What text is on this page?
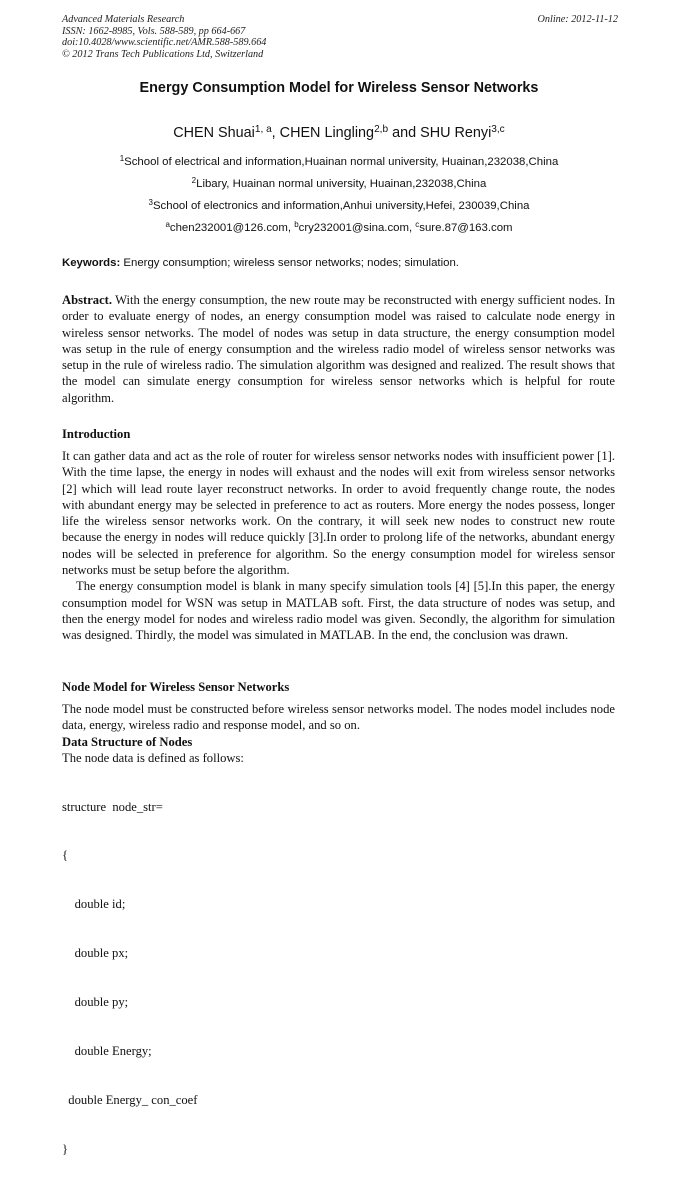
Advanced Materials Research
ISSN: 1662-8985, Vols. 588-589, pp 664-667
doi:10.4028/www.scientific.net/AMR.588-589.664
© 2012 Trans Tech Publications Ltd, Switzerland
Online: 2012-11-12
Energy Consumption Model for Wireless Sensor Networks
CHEN Shuai$^{1, a}$, CHEN Lingling$^{2,b}$ and SHU Renyi$^{3,c}$
$^1$School of electrical and information,Huainan normal university, Huainan,232038,China
$^2$Libary, Huainan normal university, Huainan,232038,China
$^3$School of electronics and information,Anhui university,Hefei, 230039,China
$^a$chen232001@126.com, $^b$cry232001@sina.com, $^c$sure.87@163.com
Keywords: Energy consumption; wireless sensor networks; nodes; simulation.

Abstract. With the energy consumption, the new route may be reconstructed with energy sufficient nodes. In order to evaluate energy of nodes, an energy consumption model was raised to calculate node energy in wireless sensor networks. The model of nodes was setup in data structure, the energy consumption model was setup in the rule of energy consumption and the wireless radio model of wireless sensor networks was setup in the rule of wireless radio. The simulation algorithm was designed and realized. The result shows that the model can simulate energy consumption for wireless sensor networks which is helpful for route algorithm.

Introduction

It can gather data and act as the role of router for wireless sensor networks nodes with insufficient power [1]. With the time lapse, the energy in nodes will exhaust and the nodes will exit from wireless sensor networks [2] which will lead route layer reconstruct networks. In order to avoid frequently change route, the nodes with abundant energy may be selected in preference to act as routers. More energy the nodes possess, longer life the wireless sensor networks work. On the contrary, it will seek new nodes to construct new route because the energy in nodes will reduce quickly [3].In order to prolong life of the networks, abundant energy nodes will be selected in preference for algorithm. So the energy consumption model for wireless sensor networks must be setup before the algorithm.

The energy consumption model is blank in many specify simulation tools [4] [5].In this paper, the energy consumption model for WSN was setup in MATLAB soft. First, the data structure of nodes was setup, and then the energy model for nodes and wireless radio model was given. Secondly, the algorithm for simulation was designed. Thirdly, the model was simulated in MATLAB. In the end, the conclusion was drawn.

Node Model for Wireless Sensor Networks

The node model must be constructed before wireless sensor networks model. The nodes model includes node data, energy, wireless radio and response model, and so on.

Data Structure of Nodes

The node data is defined as follows:

structure  node_str=

{

double id;

double px;

double py;

double Energy;

double Energy_ con_coef

}
